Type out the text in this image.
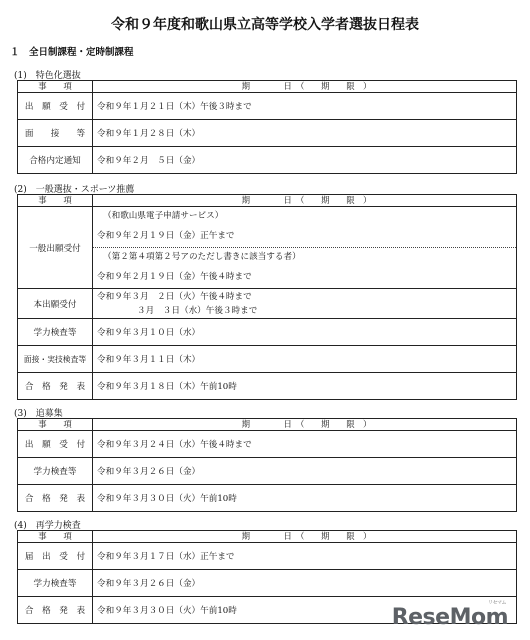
令和９年度和歌山県立高等学校入学者選抜日程表
１　全日制課程・定時制課程
(1)　特色化選抜
事　　項	期　　　　日　（　　期　　限　）
出　願　受　付	令和９年１月２１日（木）午後３時まで
面　　接　　等	令和９年１月２８日（木）
合格内定通知	令和９年２月　５日（金）
(2)　一般選抜・スポーツ推薦
事　　項	期　　　　日　（　　期　　限　）
一般出願受付	（和歌山県電子申請サービス）
令和９年２月１９日（金）正午まで
（第２第４項第２号アのただし書きに該当する者）
令和９年２月１９日（金）午後４時まで

本出願受付	令和９年３月　２日（火）午後４時まで
３月　３日（水）午後３時まで

学力検査等	令和９年３月１０日（水）
面接・実技検査等	令和９年３月１１日（木）
合　格　発　表	令和９年３月１８日（木）午前10時
(3)　追募集
事　　項	期　　　　日　（　　期　　限　）
出　願　受　付	令和９年３月２４日（水）午後４時まで
学力検査等	令和９年３月２６日（金）
合　格　発　表	令和９年３月３０日（火）午前10時
(4)　再学力検査
事　　項	期　　　　日　（　　期　　限　）
届　出　受　付	令和９年３月１７日（水）正午まで
学力検査等	令和９年３月２６日（金）
合　格　発　表	令和９年３月３０日（火）午前10時
リセマム
ReseMom
